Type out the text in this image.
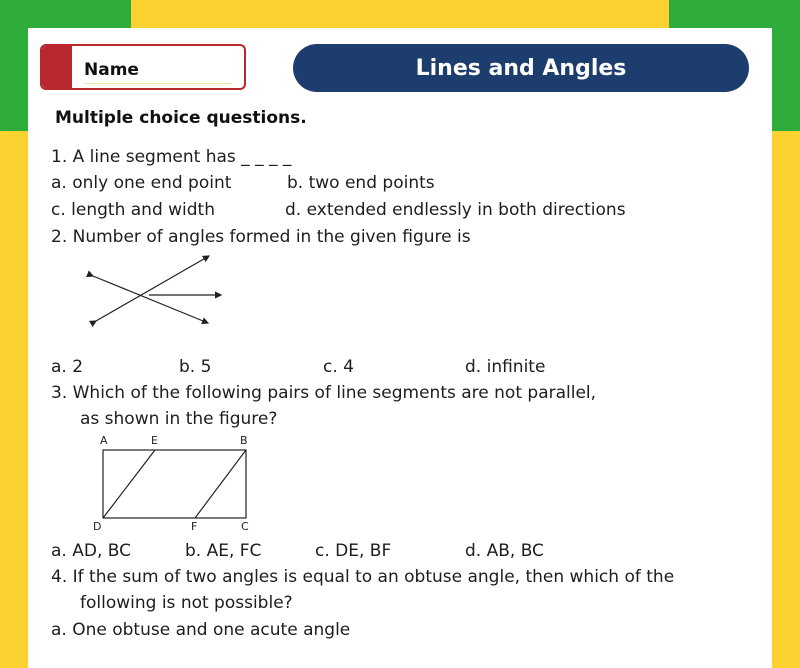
Name	Lines and Angles
Multiple choice questions.
1. A line segment has _ _ _ _
a. only one end point	b. two end points
c. length and width	d. extended endlessly in both directions
2. Number of angles formed in the given figure is
a. 2	b. 5	c. 4	d. infinite
3. Which of the following pairs of line segments are not parallel,
as shown in the figure?
A	E	B
D	F	C
a. AD, BC	b. AE, FC	c. DE, BF	d. AB, BC
4. If the sum of two angles is equal to an obtuse angle, then which of the
following is not possible?
a. One obtuse and one acute angle
